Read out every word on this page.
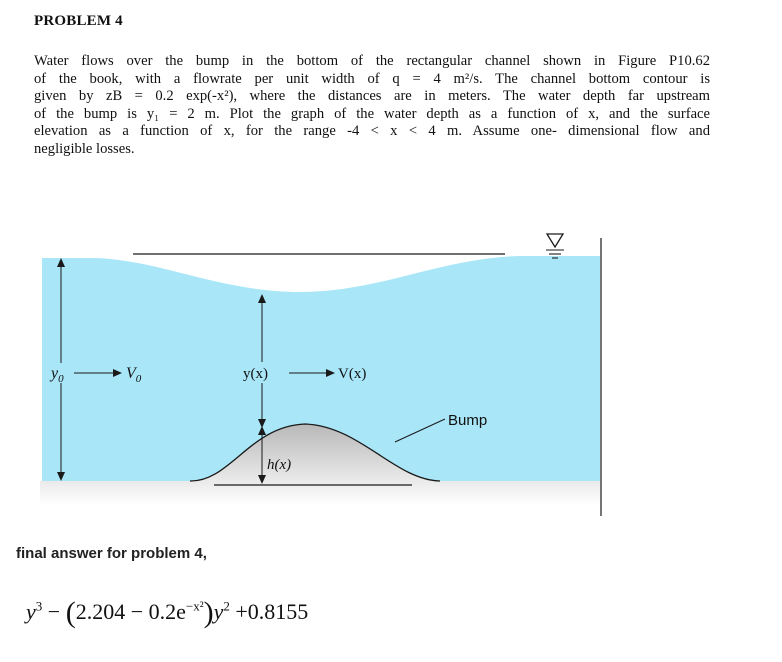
PROBLEM 4
Water flows over the bump in the bottom of the rectangular channel shown in Figure P10.62
of the book, with a flowrate per unit width of q = 4 m²/s. The channel bottom contour is
given by zB = 0.2 exp(-x²), where the distances are in meters. The water depth far upstream
of the bump is y₁ = 2 m. Plot the graph of the water depth as a function of x, and the surface
elevation as a function of x, for the range -4 < x < 4 m. Assume one- dimensional flow and
negligible losses.
$y_0$	$V_0$	y(x)	V(x)
h(x)
Bump
final answer for problem 4,
$y^3 - (2.204 - 0.2e^{-x^2})y^2 +0.8155$
